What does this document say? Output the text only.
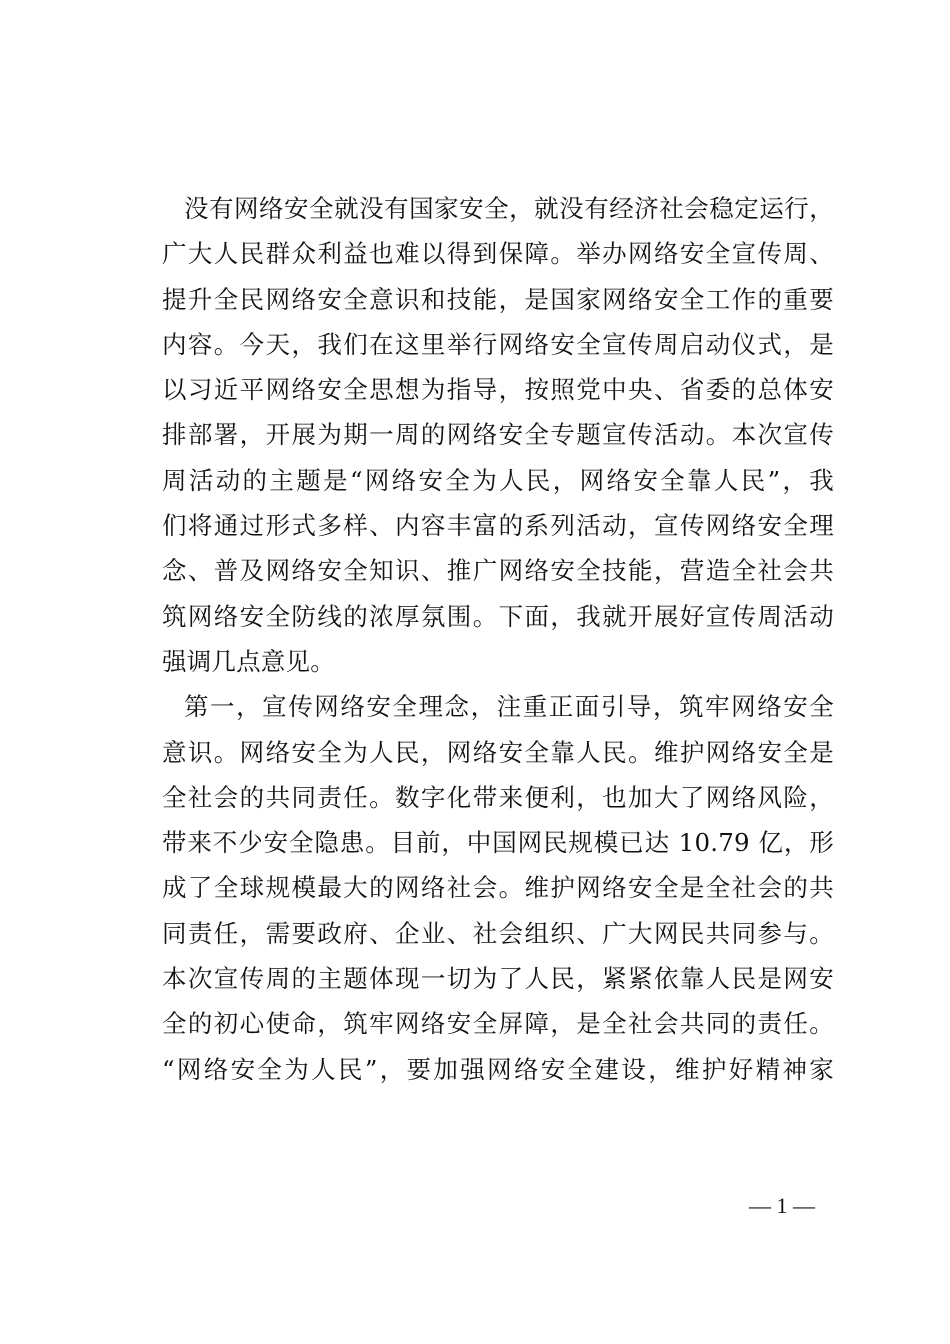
没有网络安全就没有国家安全，就没有经济社会稳定运行，
广大人民群众利益也难以得到保障。举办网络安全宣传周、
提升全民网络安全意识和技能，是国家网络安全工作的重要
内容。今天，我们在这里举行网络安全宣传周启动仪式，是
以习近平网络安全思想为指导，按照党中央、省委的总体安
排部署，开展为期一周的网络安全专题宣传活动。本次宣传
周活动的主题是“网络安全为人民，网络安全靠人民”，我
们将通过形式多样、内容丰富的系列活动，宣传网络安全理
念、普及网络安全知识、推广网络安全技能，营造全社会共
筑网络安全防线的浓厚氛围。下面，我就开展好宣传周活动
强调几点意见。
第一，宣传网络安全理念，注重正面引导，筑牢网络安全
意识。网络安全为人民，网络安全靠人民。维护网络安全是
全社会的共同责任。数字化带来便利，也加大了网络风险，
带来不少安全隐患。目前，中国网民规模已达 10.79 亿，形
成了全球规模最大的网络社会。维护网络安全是全社会的共
同责任，需要政府、企业、社会组织、广大网民共同参与。
本次宣传周的主题体现一切为了人民，紧紧依靠人民是网安
全的初心使命，筑牢网络安全屏障，是全社会共同的责任。
“网络安全为人民”，要加强网络安全建设，维护好精神家
— 1 —
